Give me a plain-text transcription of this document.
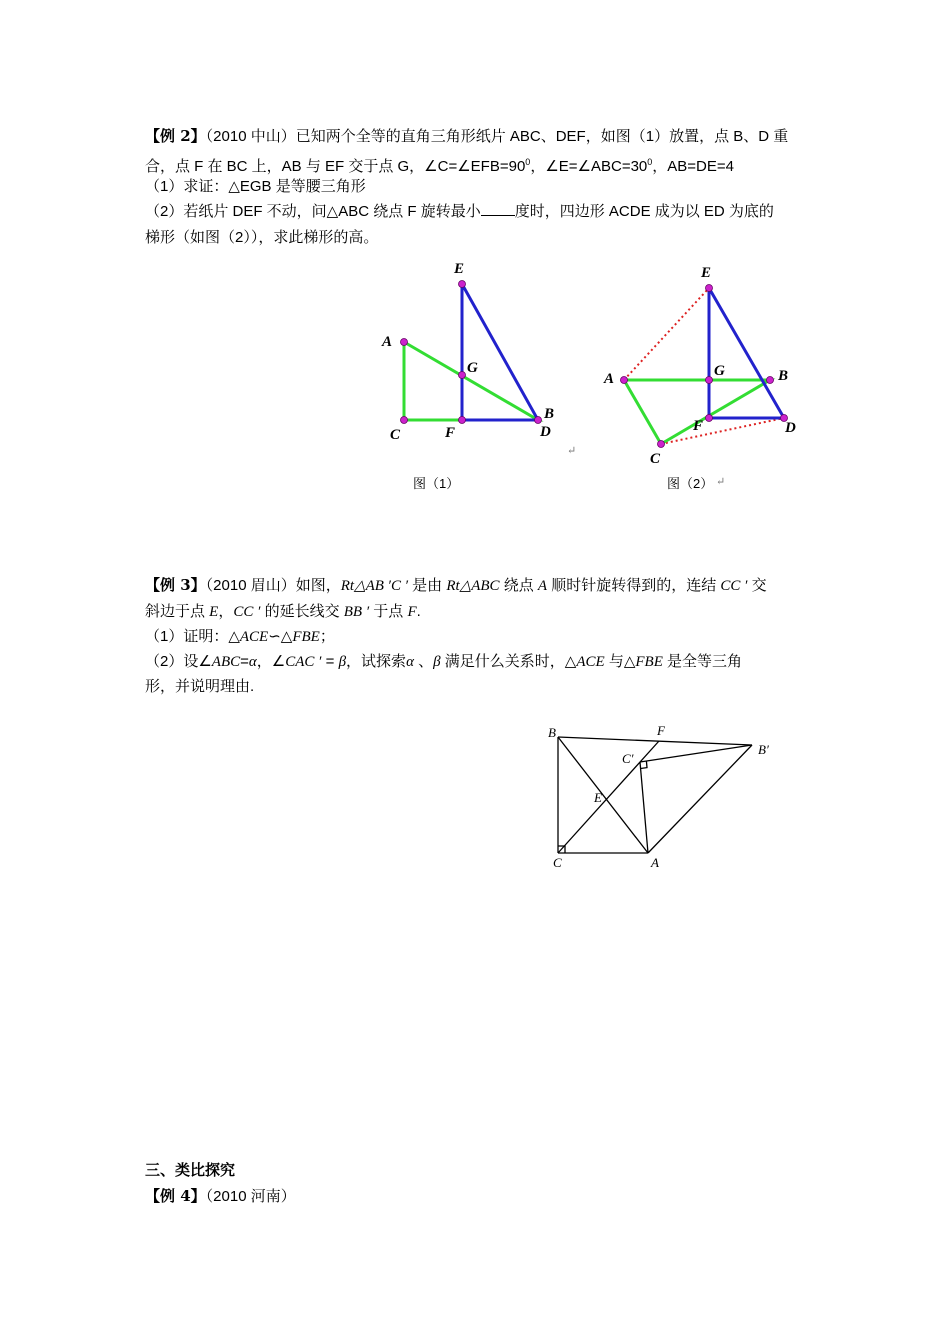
【例 2】（2010 中山）已知两个全等的直角三角形纸片 ABC、DEF，如图（1）放置，点 B、D 重
合，点 F 在 BC 上，AB 与 EF 交于点 G，$\angle C=\angle EFB=90^0$，$\angle E=\angle ABC=30^0$，AB=DE=4
（1）求证：△EGB 是等腰三角形
（2）若纸片 DEF 不动，问△ABC 绕点 F 旋转最小 度时，四边形 ACDE 成为以 ED 为底的
梯形（如图（2）），求此梯形的高。
A
C
E
G
F
B
D
↵
E
A	G	B
F	D
C
图（1）	图（2） ↵
【例 3】（2010 眉山）如图，Rt△AB ′C ′ 是由 Rt△ABC 绕点 A 顺时针旋转得到的，连结 CC ′ 交
斜边于点 E，CC ′ 的延长线交 BB ′ 于点 F.
（1）证明：△ACE∽△FBE；
（2）设∠ABC=α，∠CAC ′ = β，试探索α 、β 满足什么关系时，△ACE 与△FBE 是全等三角
形，并说明理由.
B	F
B′
C′
E
C	A
三、类比探究
【例 4】（2010 河南）
